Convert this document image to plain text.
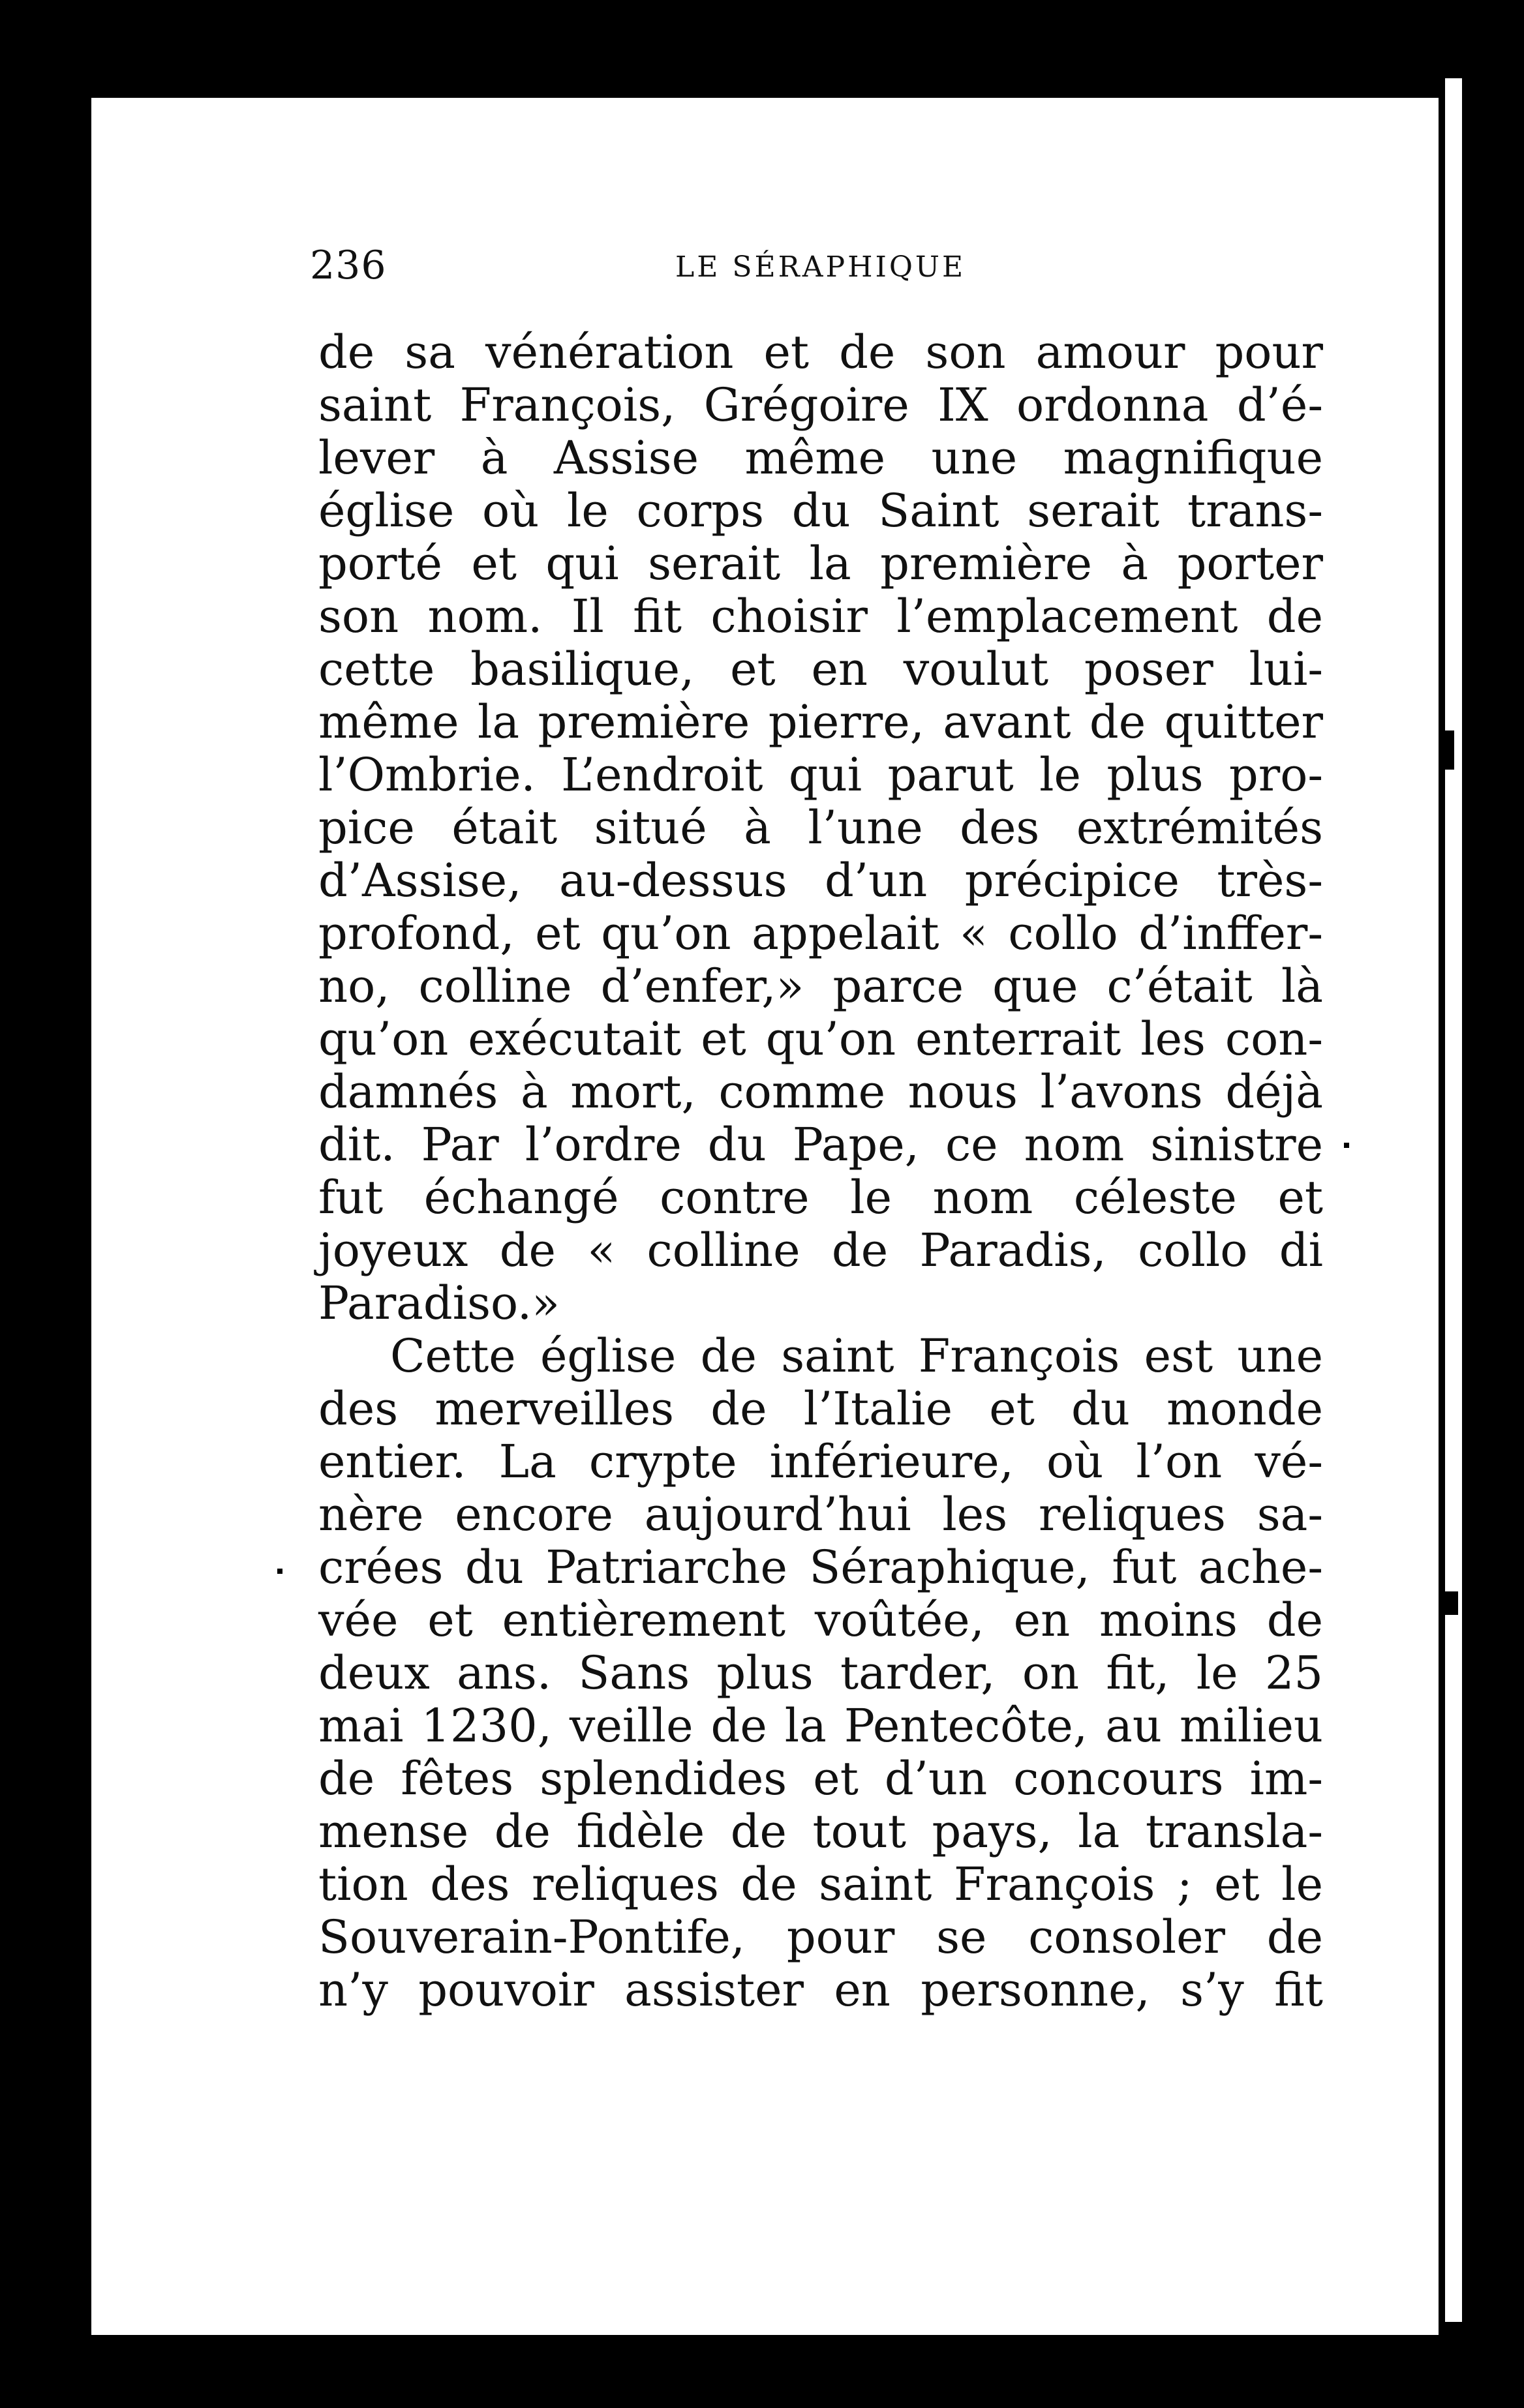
236	LE SÉRAPHIQUE
de sa vénération et de son amour pour
saint François, Grégoire IX ordonna d’é-
lever à Assise même une magnifique
église où le corps du Saint serait trans-
porté et qui serait la première à porter
son nom. Il fit choisir l’emplacement de
cette basilique, et en voulut poser lui-
même la première pierre, avant de quitter
l’Ombrie. L’endroit qui parut le plus pro-
pice était situé à l’une des extrémités
d’Assise, au-dessus d’un précipice très-
profond, et qu’on appelait « collo d’inffer-
no, colline d’enfer,» parce que c’était là
qu’on exécutait et qu’on enterrait les con-
damnés à mort, comme nous l’avons déjà
dit. Par l’ordre du Pape, ce nom sinistre
fut échangé contre le nom céleste et
joyeux de « colline de Paradis, collo di
Paradiso.»
Cette église de saint François est une
des merveilles de l’Italie et du monde
entier. La crypte inférieure, où l’on vé-
nère encore aujourd’hui les reliques sa-
crées du Patriarche Séraphique, fut ache-
vée et entièrement voûtée, en moins de
deux ans. Sans plus tarder, on fit, le 25
mai 1230, veille de la Pentecôte, au milieu
de fêtes splendides et d’un concours im-
mense de fidèle de tout pays, la transla-
tion des reliques de saint François ; et le
Souverain-Pontife, pour se consoler de
n’y pouvoir assister en personne, s’y fit
